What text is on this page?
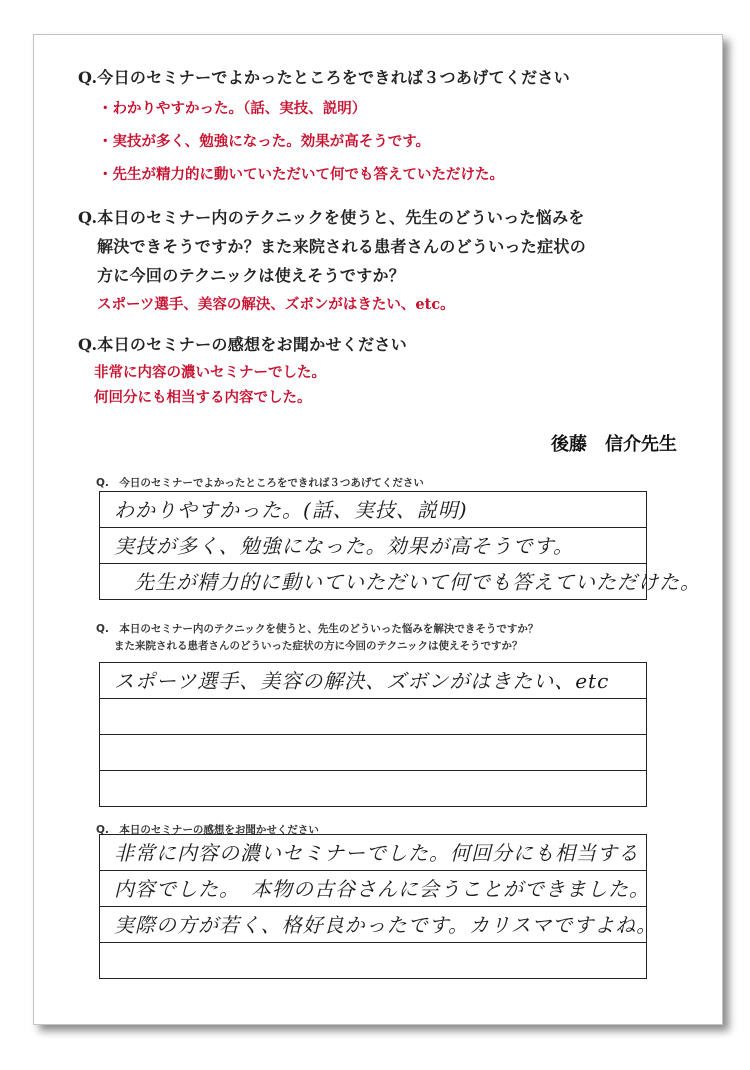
Q.今日のセミナーでよかったところをできれば３つあげてください
・わかりやすかった。（話、実技、説明）
・実技が多く、勉強になった。効果が高そうです。
・先生が精力的に動いていただいて何でも答えていただけた。
Q.本日のセミナー内のテクニックを使うと、先生のどういった悩みを
解決できそうですか？また来院される患者さんのどういった症状の
方に今回のテクニックは使えそうですか？
スポーツ選手、美容の解決、ズボンがはきたい、etc。
Q.本日のセミナーの感想をお聞かせください
非常に内容の濃いセミナーでした。
何回分にも相当する内容でした。
後藤　信介先生
Q.　今日のセミナーでよかったところをできれば３つあげてください
わかりやすかった。(話、実技、説明)
実技が多く、勉強になった。効果が高そうです。
先生が精力的に動いていただいて何でも答えていただけた。
Q.　本日のセミナー内のテクニックを使うと、先生のどういった悩みを解決できそうですか？
また来院される患者さんのどういった症状の方に今回のテクニックは使えそうですか？
スポーツ選手、美容の解決、ズボンがはきたい、etc
Q.　本日のセミナーの感想をお聞かせください
非常に内容の濃いセミナーでした。何回分にも相当する
内容でした。　本物の古谷さんに会うことができました。
実際の方が若く、格好良かったです。カリスマですよね。
